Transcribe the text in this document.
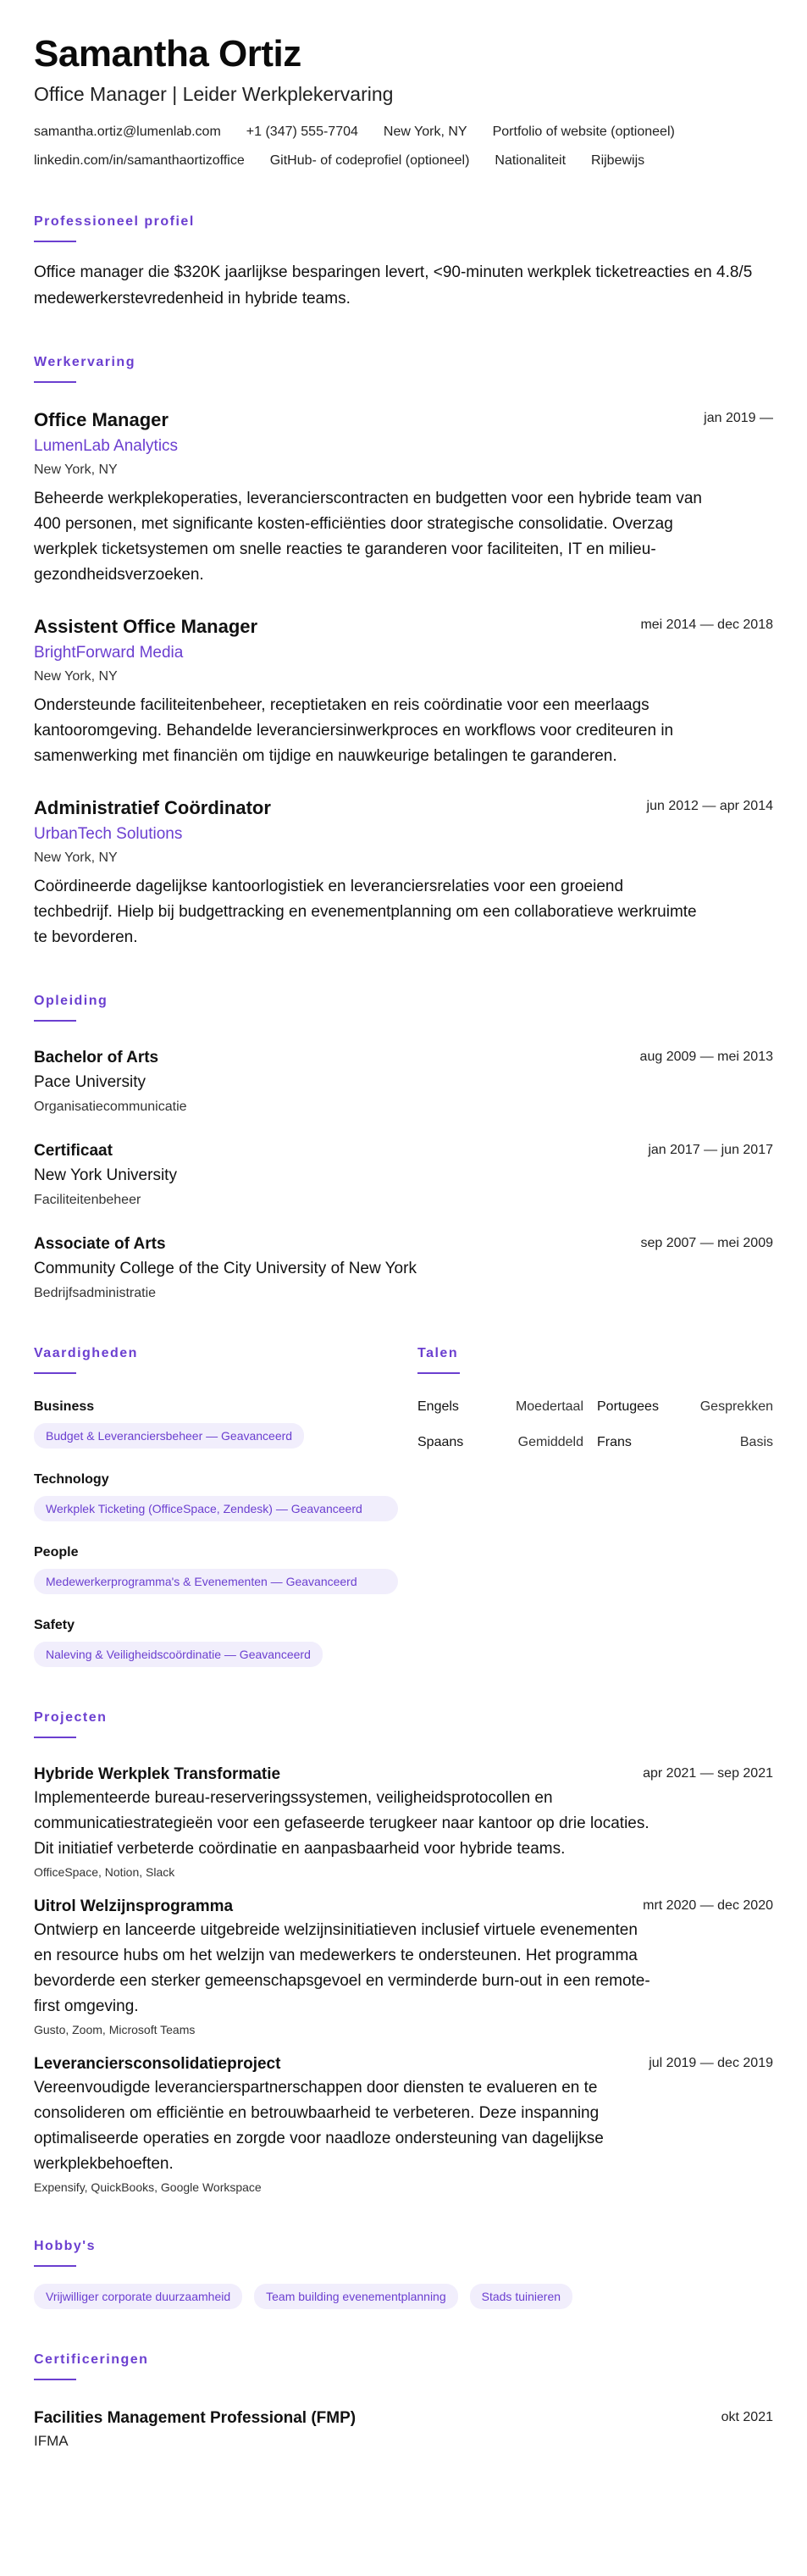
Samantha Ortiz
Office Manager | Leider Werkplekervaring
samantha.ortiz@lumenlab.com +1 (347) 555-7704 New York, NY Portfolio of website (optioneel)
linkedin.com/in/samanthaortizoffice GitHub- of codeprofiel (optioneel) Nationaliteit Rijbewijs
Professioneel profiel
Office manager die $320K jaarlijkse besparingen levert, <90-minuten werkplek ticketreacties en 4.8/5 medewerkerstevredenheid in hybride teams.
Werkervaring
Office Manager	jan 2019 —
LumenLab Analytics
New York, NY
Beheerde werkplekoperaties, leverancierscontracten en budgetten voor een hybride team van 400 personen, met significante kosten-efficiënties door strategische consolidatie. Overzag werkplek ticketsystemen om snelle reacties te garanderen voor faciliteiten, IT en milieu-gezondheidsverzoeken.
Assistent Office Manager	mei 2014 — dec 2018
BrightForward Media
New York, NY
Ondersteunde faciliteitenbeheer, receptietaken en reis coördinatie voor een meerlaags kantooromgeving. Behandelde leveranciersinwerkproces en workflows voor crediteuren in samenwerking met financiën om tijdige en nauwkeurige betalingen te garanderen.
Administratief Coördinator	jun 2012 — apr 2014
UrbanTech Solutions
New York, NY
Coördineerde dagelijkse kantoorlogistiek en leveranciersrelaties voor een groeiend techbedrijf. Hielp bij budgettracking en evenementplanning om een collaboratieve werkruimte te bevorderen.
Opleiding
Bachelor of Arts	aug 2009 — mei 2013
Pace University
Organisatiecommunicatie
Certificaat	jan 2017 — jun 2017
New York University
Faciliteitenbeheer
Associate of Arts	sep 2007 — mei 2009
Community College of the City University of New York
Bedrijfsadministratie
Vaardigheden
Business
Budget & Leveranciersbeheer — Geavanceerd
Technology
Werkplek Ticketing (OfficeSpace, Zendesk) — Geavanceerd
People
Medewerkerprogramma's & Evenementen — Geavanceerd
Safety
Naleving & Veiligheidscoördinatie — Geavanceerd
Talen
Engels	Moedertaal Portugees	Gesprekken
Spaans	Gemiddeld Frans	Basis
Projecten
Hybride Werkplek Transformatie	apr 2021 — sep 2021
Implementeerde bureau-reserveringssystemen, veiligheidsprotocollen en communicatiestrategieën voor een gefaseerde terugkeer naar kantoor op drie locaties. Dit initiatief verbeterde coördinatie en aanpasbaarheid voor hybride teams.
OfficeSpace, Notion, Slack
Uitrol Welzijnsprogramma	mrt 2020 — dec 2020
Ontwierp en lanceerde uitgebreide welzijnsinitiatieven inclusief virtuele evenementen en resource hubs om het welzijn van medewerkers te ondersteunen. Het programma bevorderde een sterker gemeenschapsgevoel en verminderde burn-out in een remote-first omgeving.
Gusto, Zoom, Microsoft Teams
Leveranciersconsolidatieproject	jul 2019 — dec 2019
Vereenvoudigde leverancierspartnerschappen door diensten te evalueren en te consolideren om efficiëntie en betrouwbaarheid te verbeteren. Deze inspanning optimaliseerde operaties en zorgde voor naadloze ondersteuning van dagelijkse werkplekbehoeften.
Expensify, QuickBooks, Google Workspace
Hobby's
Vrijwilliger corporate duurzaamheid	Team building evenementplanning	Stads tuinieren
Certificeringen
Facilities Management Professional (FMP)	okt 2021
IFMA
